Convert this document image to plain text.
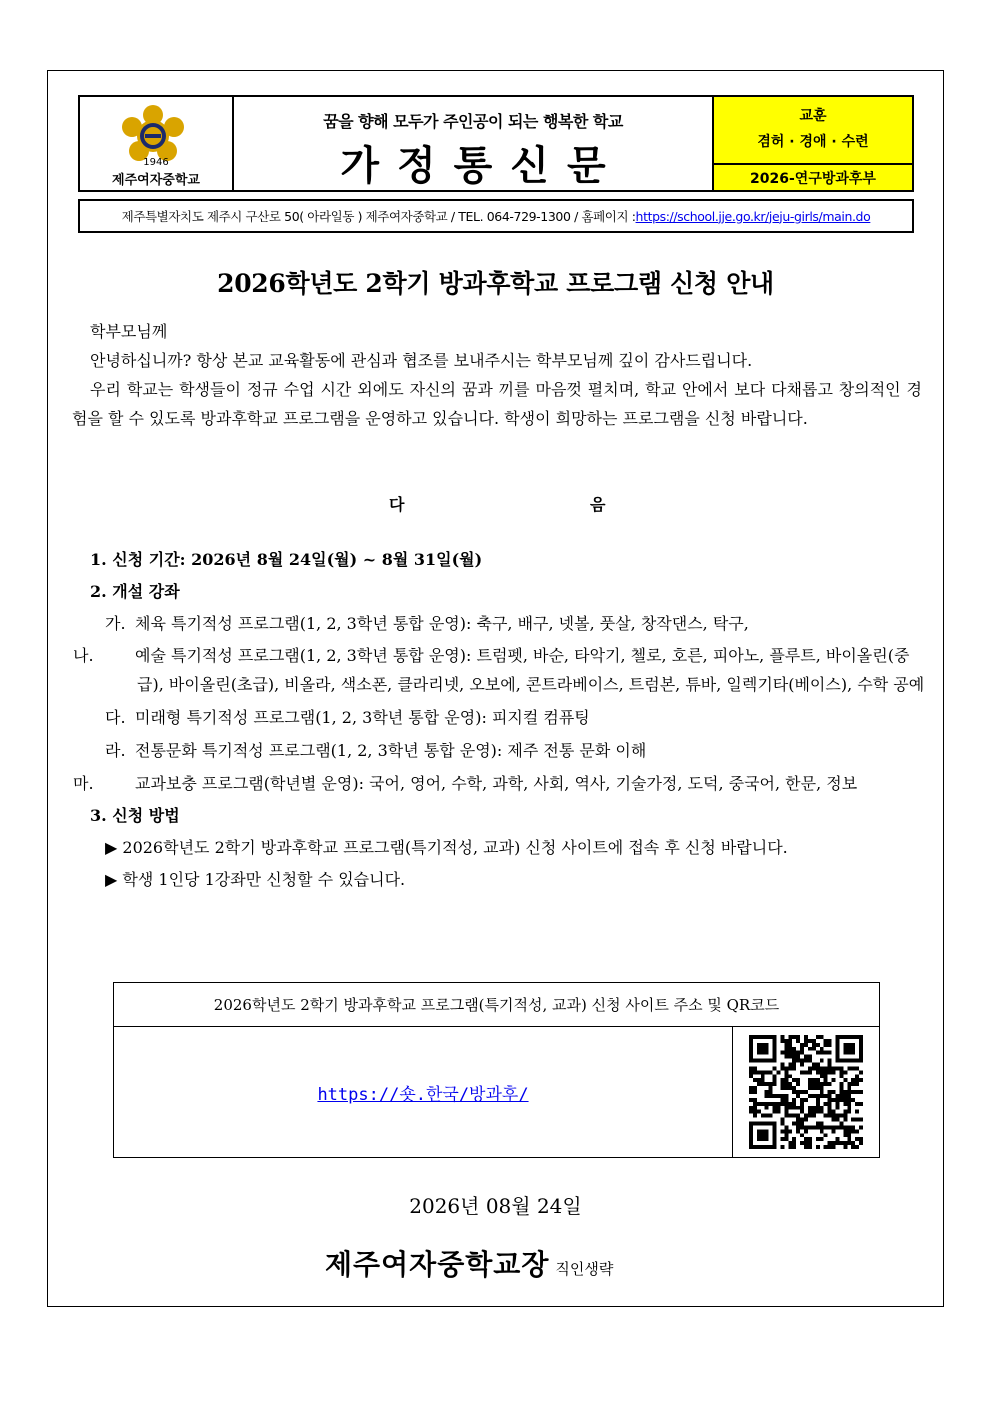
1946
제주여자중학교
꿈을 향해 모두가 주인공이 되는 행복한 학교
가정통신문
교훈
겸허 · 경애 · 수련
2026-연구방과후부
제주특별자치도 제주시 구산로 50( 아라일동 ) 제주여자중학교 / TEL. 064-729-1300 / 홈페이지 : https://school.jje.go.kr/jeju-girls/main.do
2026학년도 2학기 방과후학교 프로그램 신청 안내
학부모님께
안녕하십니까? 항상 본교 교육활동에 관심과 협조를 보내주시는 학부모님께 깊이 감사드립니다.
우리 학교는 학생들이 정규 수업 시간 외에도 자신의 꿈과 끼를 마음껏 펼치며, 학교 안에서 보다 다채롭고 창의적인 경험을 할 수 있도록 방과후학교 프로그램을 운영하고 있습니다. 학생이 희망하는 프로그램을 신청 바랍니다.
다	음
1. 신청 기간: 2026년 8월 24일(월) ~ 8월 31일(월)
2. 개설 강좌
가. 체육 특기적성 프로그램(1, 2, 3학년 통합 운영): 축구, 배구, 넷볼, 풋살, 창작댄스, 탁구,
나.	예술 특기적성 프로그램(1, 2, 3학년 통합 운영): 트럼펫, 바순, 타악기, 첼로, 호른, 피아노, 플루트, 바이올린(중급), 바이올린(초급), 비올라, 색소폰, 클라리넷, 오보에, 콘트라베이스, 트럼본, 튜바, 일렉기타(베이스), 수학 공예
다. 미래형 특기적성 프로그램(1, 2, 3학년 통합 운영): 피지컬 컴퓨팅
라. 전통문화 특기적성 프로그램(1, 2, 3학년 통합 운영): 제주 전통 문화 이해
마.	교과보충 프로그램(학년별 운영): 국어, 영어, 수학, 과학, 사회, 역사, 기술가정, 도덕, 중국어, 한문, 정보
3. 신청 방법
▶ 2026학년도 2학기 방과후학교 프로그램(특기적성, 교과) 신청 사이트에 접속 후 신청 바랍니다.
▶ 학생 1인당 1강좌만 신청할 수 있습니다.
2026학년도 2학기 방과후학교 프로그램(특기적성, 교과) 신청 사이트 주소 및 QR코드
https://숏.한국/방과후/
2026년 08월 24일
제주여자중학교장 직인생략
